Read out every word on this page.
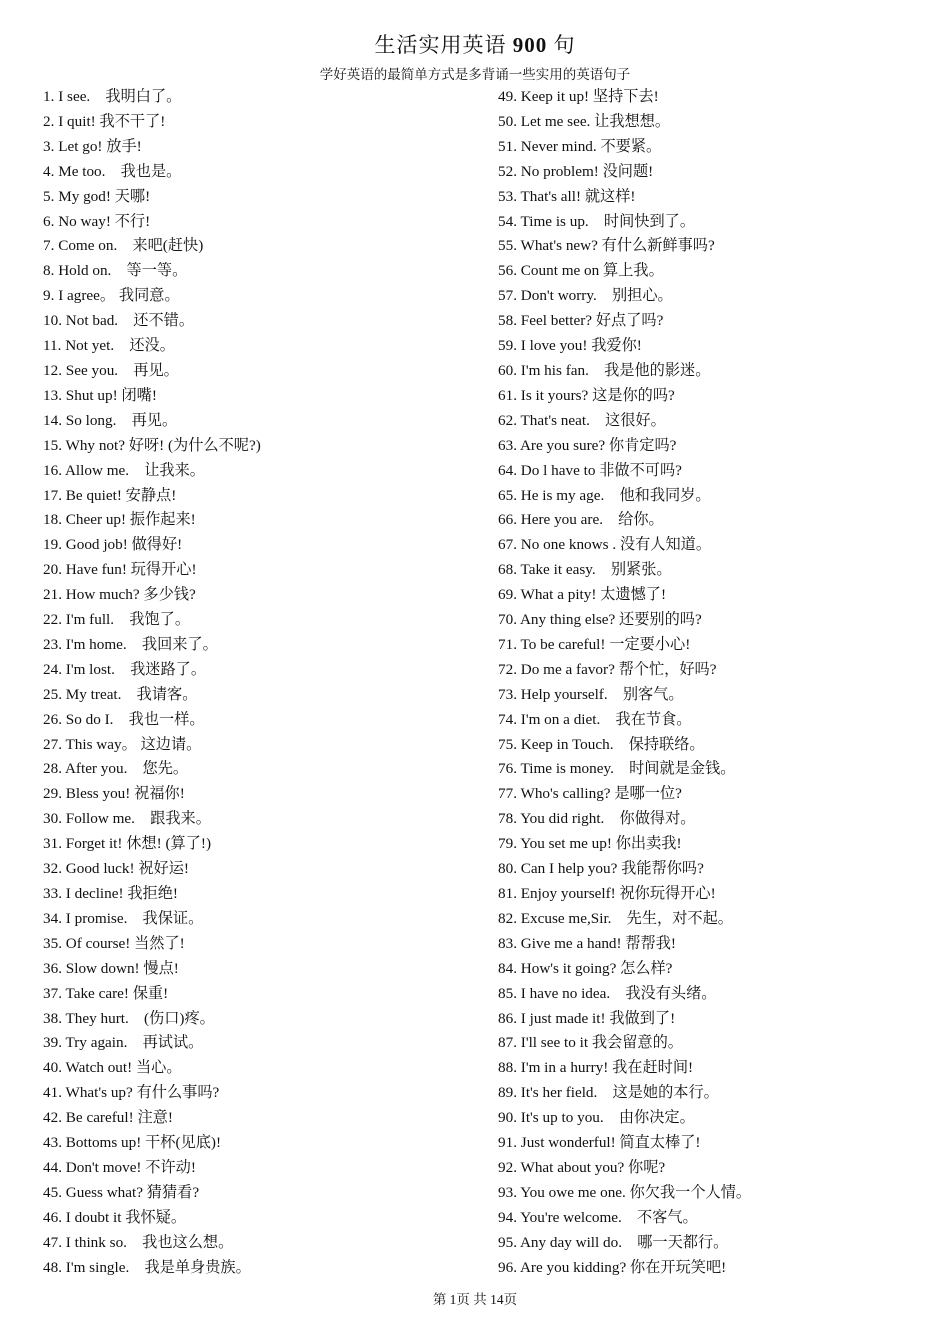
生活实用英语 900 句
学好英语的最简单方式是多背诵一些实用的英语句子
1. I see.　我明白了。
2. I quit! 我不干了!
3. Let go! 放手!
4. Me too.　我也是。
5. My god! 天哪!
6. No way! 不行!
7. Come on.　来吧(赶快)
8. Hold on.　等一等。
9. I agree。 我同意。
10. Not bad.　还不错。
11. Not yet.　还没。
12. See you.　再见。
13. Shut up! 闭嘴!
14. So long.　再见。
15. Why not? 好呀! (为什么不呢?)
16. Allow me.　让我来。
17. Be quiet! 安静点!
18. Cheer up! 振作起来!
19. Good job! 做得好!
20. Have fun! 玩得开心!
21. How much? 多少钱?
22. I'm full.　我饱了。
23. I'm home.　我回来了。
24. I'm lost.　我迷路了。
25. My treat.　我请客。
26. So do I.　我也一样。
27. This way。 这边请。
28. After you.　您先。
29. Bless you! 祝福你!
30. Follow me.　跟我来。
31. Forget it! 休想! (算了!)
32. Good luck! 祝好运!
33. I decline! 我拒绝!
34. I promise.　我保证。
35. Of course! 当然了!
36. Slow down! 慢点!
37. Take care! 保重!
38. They hurt.　(伤口)疼。
39. Try again.　再试试。
40. Watch out! 当心。
41. What's up? 有什么事吗?
42. Be careful! 注意!
43. Bottoms up! 干杯(见底)!
44. Don't move! 不许动!
45. Guess what? 猜猜看?
46. I doubt it 我怀疑。
47. I think so.　我也这么想。
48. I'm single.　我是单身贵族。
49. Keep it up! 坚持下去!
50. Let me see. 让我想想。
51. Never mind. 不要紧。
52. No problem! 没问题!
53. That's all! 就这样!
54. Time is up.　时间快到了。
55. What's new? 有什么新鲜事吗?
56. Count me on 算上我。
57. Don't worry.　别担心。
58. Feel better? 好点了吗?
59. I love you! 我爱你!
60. I'm his fan.　我是他的影迷。
61. Is it yours? 这是你的吗?
62. That's neat.　这很好。
63. Are you sure? 你肯定吗?
64. Do l have to 非做不可吗?
65. He is my age.　他和我同岁。
66. Here you are.　给你。
67. No one knows . 没有人知道。
68. Take it easy.　别紧张。
69. What a pity! 太遗憾了!
70. Any thing else? 还要别的吗?
71. To be careful! 一定要小心!
72. Do me a favor? 帮个忙，好吗?
73. Help yourself.　别客气。
74. I'm on a diet.　我在节食。
75. Keep in Touch.　保持联络。
76. Time is money.　时间就是金钱。
77. Who's calling? 是哪一位?
78. You did right.　你做得对。
79. You set me up! 你出卖我!
80. Can I help you? 我能帮你吗?
81. Enjoy yourself! 祝你玩得开心!
82. Excuse me,Sir.　先生，对不起。
83. Give me a hand! 帮帮我!
84. How's it going? 怎么样?
85. I have no idea.　我没有头绪。
86. I just made it! 我做到了!
87. I'll see to it 我会留意的。
88. I'm in a hurry! 我在赶时间!
89. It's her field.　这是她的本行。
90. It's up to you.　由你决定。
91. Just wonderful! 简直太棒了!
92. What about you? 你呢?
93. You owe me one. 你欠我一个人情。
94. You're welcome.　不客气。
95. Any day will do.　哪一天都行。
96. Are you kidding? 你在开玩笑吧!
第 1页 共 14页
